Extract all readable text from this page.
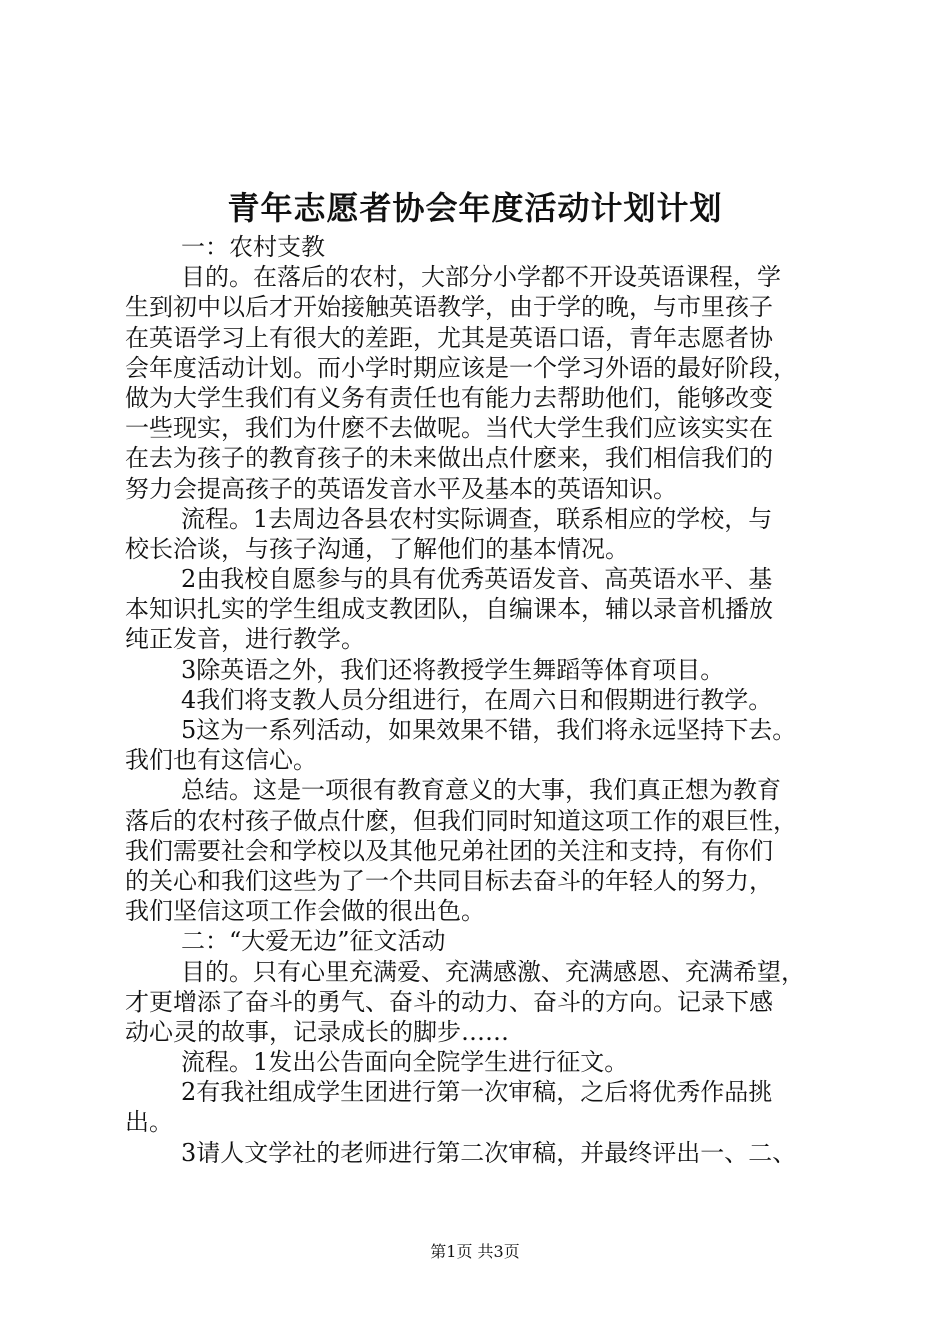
青年志愿者协会年度活动计划计划
一：农村支教
目的。在落后的农村，大部分小学都不开设英语课程，学
生到初中以后才开始接触英语教学，由于学的晚，与市里孩子
在英语学习上有很大的差距，尤其是英语口语，青年志愿者协
会年度活动计划。而小学时期应该是一个学习外语的最好阶段，
做为大学生我们有义务有责任也有能力去帮助他们，能够改变
一些现实，我们为什麽不去做呢。当代大学生我们应该实实在
在去为孩子的教育孩子的未来做出点什麽来，我们相信我们的
努力会提高孩子的英语发音水平及基本的英语知识。
流程。1去周边各县农村实际调查，联系相应的学校，与
校长洽谈，与孩子沟通，了解他们的基本情况。
2由我校自愿参与的具有优秀英语发音、高英语水平、基
本知识扎实的学生组成支教团队，自编课本，辅以录音机播放
纯正发音，进行教学。
3除英语之外，我们还将教授学生舞蹈等体育项目。
4我们将支教人员分组进行，在周六日和假期进行教学。
5这为一系列活动，如果效果不错，我们将永远坚持下去。
我们也有这信心。
总结。这是一项很有教育意义的大事，我们真正想为教育
落后的农村孩子做点什麽，但我们同时知道这项工作的艰巨性，
我们需要社会和学校以及其他兄弟社团的关注和支持，有你们
的关心和我们这些为了一个共同目标去奋斗的年轻人的努力，
我们坚信这项工作会做的很出色。
二：“大爱无边”征文活动
目的。只有心里充满爱、充满感激、充满感恩、充满希望，
才更增添了奋斗的勇气、奋斗的动力、奋斗的方向。记录下感
动心灵的故事，记录成长的脚步……
流程。1发出公告面向全院学生进行征文。
2有我社组成学生团进行第一次审稿，之后将优秀作品挑
出。
3请人文学社的老师进行第二次审稿，并最终评出一、二、
第1页 共3页
